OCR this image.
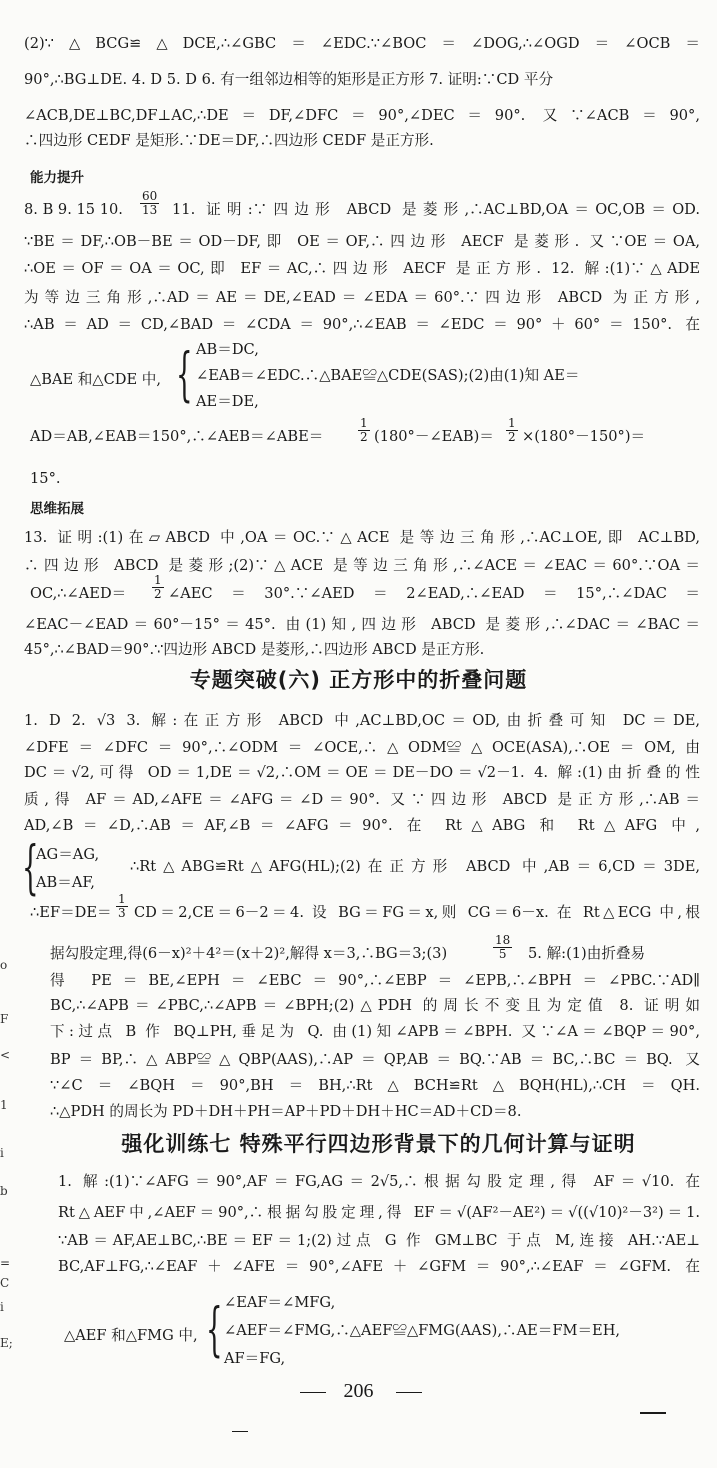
(2)∵△BCG≌△DCE,∴∠GBC＝∠EDC.∵∠BOC＝∠DOG,∴∠OGD＝∠OCB＝
90°,∴BG⊥DE. 4. D 5. D 6. 有一组邻边相等的矩形是正方形 7. 证明:∵CD 平分
∠ACB,DE⊥BC,DF⊥AC,∴DE＝DF,∠DFC＝90°,∠DEC＝90°. 又∵∠ACB＝90°,
∴四边形 CEDF 是矩形.∵DE＝DF,∴四边形 CEDF 是正方形.
能力提升
8. B 9. 15 10. $\frac{60}{13} 11$. 证明:∵四边形 ABCD 是菱形,∴AC⊥BD,OA＝OC,OB＝OD.
∵BE＝DF,∴OB－BE＝OD－DF,即 OE＝OF,∴四边形 AECF 是菱形. 又∵OE＝OA,
∴OE＝OF＝OA＝OC,即 EF＝AC,∴四边形 AECF 是正方形. 12. 解:(1)∵△ADE
为等边三角形,∴AD＝AE＝DE,∠EAD＝∠EDA＝60°.∵四边形 ABCD 为正方形,
∴AB＝AD＝CD,∠BAD＝∠CDA＝90°,∴∠EAB＝∠EDC＝90°＋60°＝150°. 在
△BAE 和△CDE 中, { AB＝DC,
∠EAB＝∠EDC.∴△BAE≌△CDE(SAS);(2)由(1)知 AE＝
AE＝DE,
AD＝AB,∠EAB＝150°,∴∠AEB＝∠ABE＝	$\frac{1}{2}$ (180°－∠EAB)＝ $\frac{1}{2} \times(180^\circ-150^\circ)=$
15°.
思维拓展
13. 证明:(1)在▱ABCD 中,OA＝OC.∵△ACE 是等边三角形,∴AC⊥OE,即 AC⊥BD,
∴四边形 ABCD 是菱形;(2)∵△ACE 是等边三角形,∴∠ACE＝∠EAC＝60°.∵OA＝
OC,∴∠AED＝ $\frac{1}{2}$ ∠AEC＝30°.∵∠AED＝2∠EAD,∴∠EAD＝15°,∴∠DAC＝
∠EAC－∠EAD＝60°－15°＝45°. 由(1)知,四边形 ABCD 是菱形,∴∠DAC＝∠BAC＝
45°,∴∠BAD＝90°.∵四边形 ABCD 是菱形,∴四边形 ABCD 是正方形.
专题突破(六) 正方形中的折叠问题
1. D 2. √3 3. 解:在正方形 ABCD 中,AC⊥BD,OC＝OD,由折叠可知 DC＝DE,
∠DFE＝∠DFC＝90°,∴∠ODM＝∠OCE,∴△ODM≌△OCE(ASA),∴OE＝OM,由
DC＝√2,可得 OD＝1,DE＝√2,∴OM＝OE＝DE－DO＝√2－1. 4. 解:(1)由折叠的性
质,得 AF＝AD,∠AFE＝∠AFG＝∠D＝90°. 又∵四边形 ABCD 是正方形,∴AB＝
AD,∠B＝∠D,∴AB＝AF,∠B＝∠AFG＝90°. 在 Rt△ABG 和 Rt△AFG 中,
{
AG＝AG,
AB＝AF,
∴Rt△ABG≌Rt△AFG(HL);(2)在正方形 ABCD 中,AB＝6,CD＝3DE,
∴EF＝DE＝ $\frac{1}{3} CD=2,CE=6-2=4$. 设 BG＝FG＝x,则 CG＝6－x. 在 Rt△ECG 中,根
据勾股定理,得(6－x)²＋4²＝(x＋2)²,解得 x＝3,∴BG＝3;(3)	$\frac{18}{5} 5$. 解:(1)由折叠易
得 PE＝BE,∠EPH＝∠EBC＝90°,∴∠EBP＝∠EPB,∴∠BPH＝∠PBC.∵AD∥
BC,∴∠APB＝∠PBC,∴∠APB＝∠BPH;(2)△PDH 的周长不变且为定值 8. 证明如
下:过点 B 作 BQ⊥PH,垂足为 Q. 由(1)知∠APB＝∠BPH. 又∵∠A＝∠BQP＝90°,
BP＝BP,∴△ABP≌△QBP(AAS),∴AP＝QP,AB＝BQ.∵AB＝BC,∴BC＝BQ. 又
∵∠C＝∠BQH＝90°,BH＝BH,∴Rt△BCH≌Rt△BQH(HL),∴CH＝QH.
∴△PDH 的周长为 PD＋DH＋PH＝AP＋PD＋DH＋HC＝AD＋CD＝8.
强化训练七 特殊平行四边形背景下的几何计算与证明
1. 解:(1)∵∠AFG＝90°,AF＝FG,AG＝2√5,∴根据勾股定理,得 AF＝√10. 在
Rt△AEF中,∠AEF＝90°,∴根据勾股定理,得 EF＝√(AF²－AE²)＝√((√10)²－3²)＝1.
∵AB＝AF,AE⊥BC,∴BE＝EF＝1;(2)过点 G 作 GM⊥BC 于点 M,连接 AH.∵AE⊥
BC,AF⊥FG,∴∠EAF＋∠AFE＝90°,∠AFE＋∠GFM＝90°,∴∠EAF＝∠GFM. 在
△AEF 和△FMG 中, { ∠EAF＝∠MFG,
∠AEF＝∠FMG,∴△AEF≌△FMG(AAS),∴AE＝FM＝EH,
AF＝FG,
206
o
F
<
1
i
b
=
C
i
E;
